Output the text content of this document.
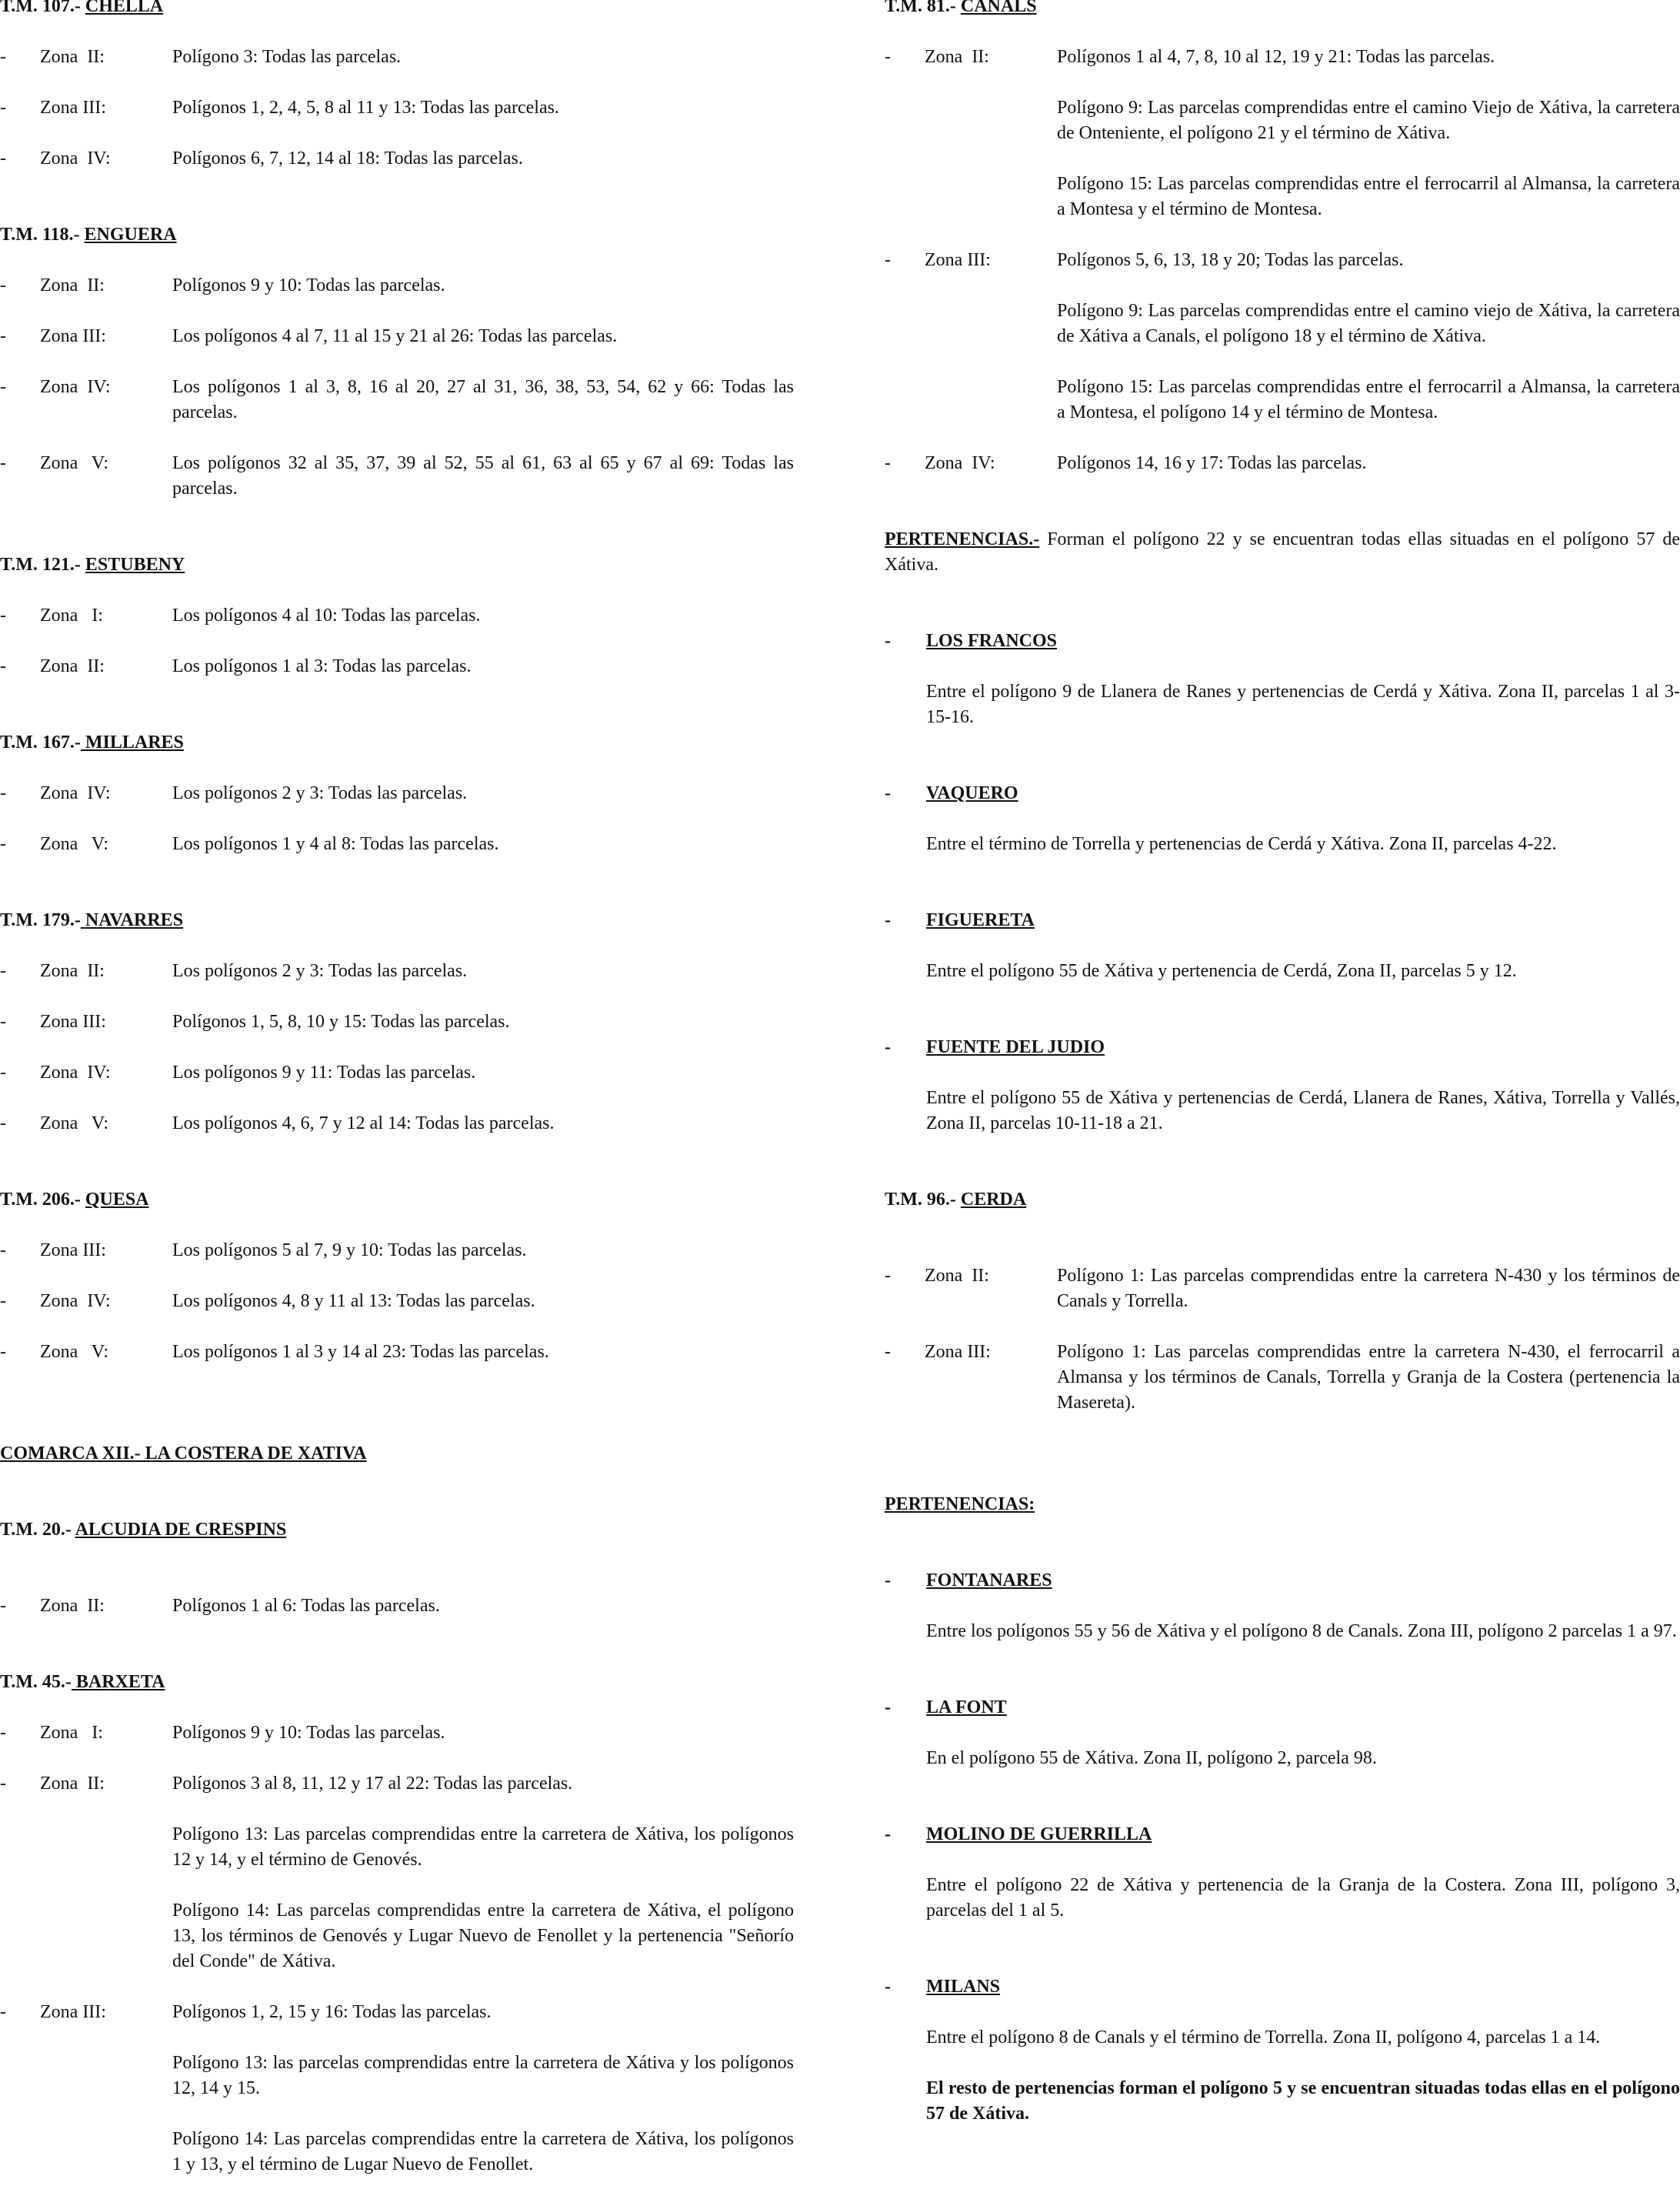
T.M. 107.- CHELLA

-	Zona  II:	Polígono 3: Todas las parcelas.
-	Zona III:	Polígonos 1, 2, 4, 5, 8 al 11 y 13: Todas las parcelas.
-	Zona  IV:	Polígonos 6, 7, 12, 14 al 18: Todas las parcelas.

T.M. 118.- ENGUERA

-	Zona  II:	Polígonos 9 y 10: Todas las parcelas.
-	Zona III:	Los polígonos 4 al 7, 11 al 15 y 21 al 26: Todas las parcelas.
-	Zona  IV:	Los polígonos 1 al 3, 8, 16 al 20, 27 al 31, 36, 38, 53, 54, 62 y 66: Todas las parcelas.
-	Zona   V:	Los polígonos 32 al 35, 37, 39 al 52, 55 al 61, 63 al 65 y 67 al 69: Todas las parcelas.

T.M. 121.- ESTUBENY

-	Zona   I:	Los polígonos 4 al 10: Todas las parcelas.
-	Zona  II:	Los polígonos 1 al 3: Todas las parcelas.

T.M. 167.- MILLARES

-	Zona  IV:	Los polígonos 2 y 3: Todas las parcelas.
-	Zona   V:	Los polígonos 1 y 4 al 8: Todas las parcelas.

T.M. 179.- NAVARRES

-	Zona  II:	Los polígonos 2 y 3: Todas las parcelas.
-	Zona III:	Polígonos 1, 5, 8, 10 y 15: Todas las parcelas.
-	Zona  IV:	Los polígonos 9 y 11: Todas las parcelas.
-	Zona   V:	Los polígonos 4, 6, 7 y 12 al 14: Todas las parcelas.

T.M. 206.- QUESA

-	Zona III:	Los polígonos 5 al 7, 9 y 10: Todas las parcelas.
-	Zona  IV:	Los polígonos 4, 8 y 11 al 13: Todas las parcelas.
-	Zona   V:	Los polígonos 1 al 3 y 14 al 23: Todas las parcelas.

COMARCA XII.- LA COSTERA DE XATIVA

T.M. 20.- ALCUDIA DE CRESPINS

-	Zona  II:	Polígonos 1 al 6: Todas las parcelas.

T.M. 45.- BARXETA

-	Zona   I:	Polígonos 9 y 10: Todas las parcelas.
-	Zona  II:	Polígonos 3 al 8, 11, 12 y 17 al 22: Todas las parcelas.

Polígono 13: Las parcelas comprendidas entre la carretera de Xátiva, los polígonos 12 y 14, y el término de Genovés.

Polígono 14: Las parcelas comprendidas entre la carretera de Xátiva, el polígono 13, los términos de Genovés y Lugar Nuevo de Fenollet y la pertenencia "Señorío del Conde" de Xátiva.

-	Zona III:	Polígonos 1, 2, 15 y 16: Todas las parcelas.

Polígono 13: las parcelas comprendidas entre la carretera de Xátiva y los polígonos 12, 14 y 15.

Polígono 14: Las parcelas comprendidas entre la carretera de Xátiva, los polígonos 1 y 13, y el término de Lugar Nuevo de Fenollet.

T.M. 81.- CANALS

-	Zona  II:	Polígonos 1 al 4, 7, 8, 10 al 12, 19 y 21: Todas las parcelas.

Polígono 9: Las parcelas comprendidas entre el camino Viejo de Xátiva, la carretera de Onteniente, el polígono 21 y el término de Xátiva.

Polígono 15: Las parcelas comprendidas entre el ferrocarril al Almansa, la carretera a Montesa y el término de Montesa.

-	Zona III:	Polígonos 5, 6, 13, 18 y 20; Todas las parcelas.

Polígono 9: Las parcelas comprendidas entre el camino viejo de Xátiva, la carretera de Xátiva a Canals, el polígono 18 y el término de Xátiva.

Polígono 15: Las parcelas comprendidas entre el ferrocarril a Almansa, la carretera a Montesa, el polígono 14 y el término de Montesa.

-	Zona  IV:	Polígonos 14, 16 y 17: Todas las parcelas.

PERTENENCIAS.- Forman el polígono 22 y se encuentran todas ellas situadas en el polígono 57 de Xátiva.

-	LOS FRANCOS

Entre el polígono 9 de Llanera de Ranes y pertenencias de Cerdá y Xátiva. Zona II, parcelas 1 al 3-15-16.

-	VAQUERO

Entre el término de Torrella y pertenencias de Cerdá y Xátiva. Zona II, parcelas 4-22.

-	FIGUERETA

Entre el polígono 55 de Xátiva y pertenencia de Cerdá, Zona II, parcelas 5 y 12.

-	FUENTE DEL JUDIO

Entre el polígono 55 de Xátiva y pertenencias de Cerdá, Llanera de Ranes, Xátiva, Torrella y Vallés, Zona II, parcelas 10-11-18 a 21.

T.M. 96.- CERDA

-	Zona  II:	Polígono 1: Las parcelas comprendidas entre la carretera N-430 y los términos de Canals y Torrella.
-	Zona III:	Polígono 1: Las parcelas comprendidas entre la carretera N-430, el ferrocarril a Almansa y los términos de Canals, Torrella y Granja de la Costera (pertenencia la Masereta).

PERTENENCIAS:

-	FONTANARES

Entre los polígonos 55 y 56 de Xátiva y el polígono 8 de Canals. Zona III, polígono 2 parcelas 1 a 97.

-	LA FONT

En el polígono 55 de Xátiva. Zona II, polígono 2, parcela 98.

-	MOLINO DE GUERRILLA

Entre el polígono 22 de Xátiva y pertenencia de la Granja de la Costera. Zona III, polígono 3, parcelas del 1 al 5.

-	MILANS

Entre el polígono 8 de Canals y el término de Torrella. Zona II, polígono 4, parcelas 1 a 14.

El resto de pertenencias forman el polígono 5 y se encuentran situadas todas ellas en el polígono 57 de Xátiva.
